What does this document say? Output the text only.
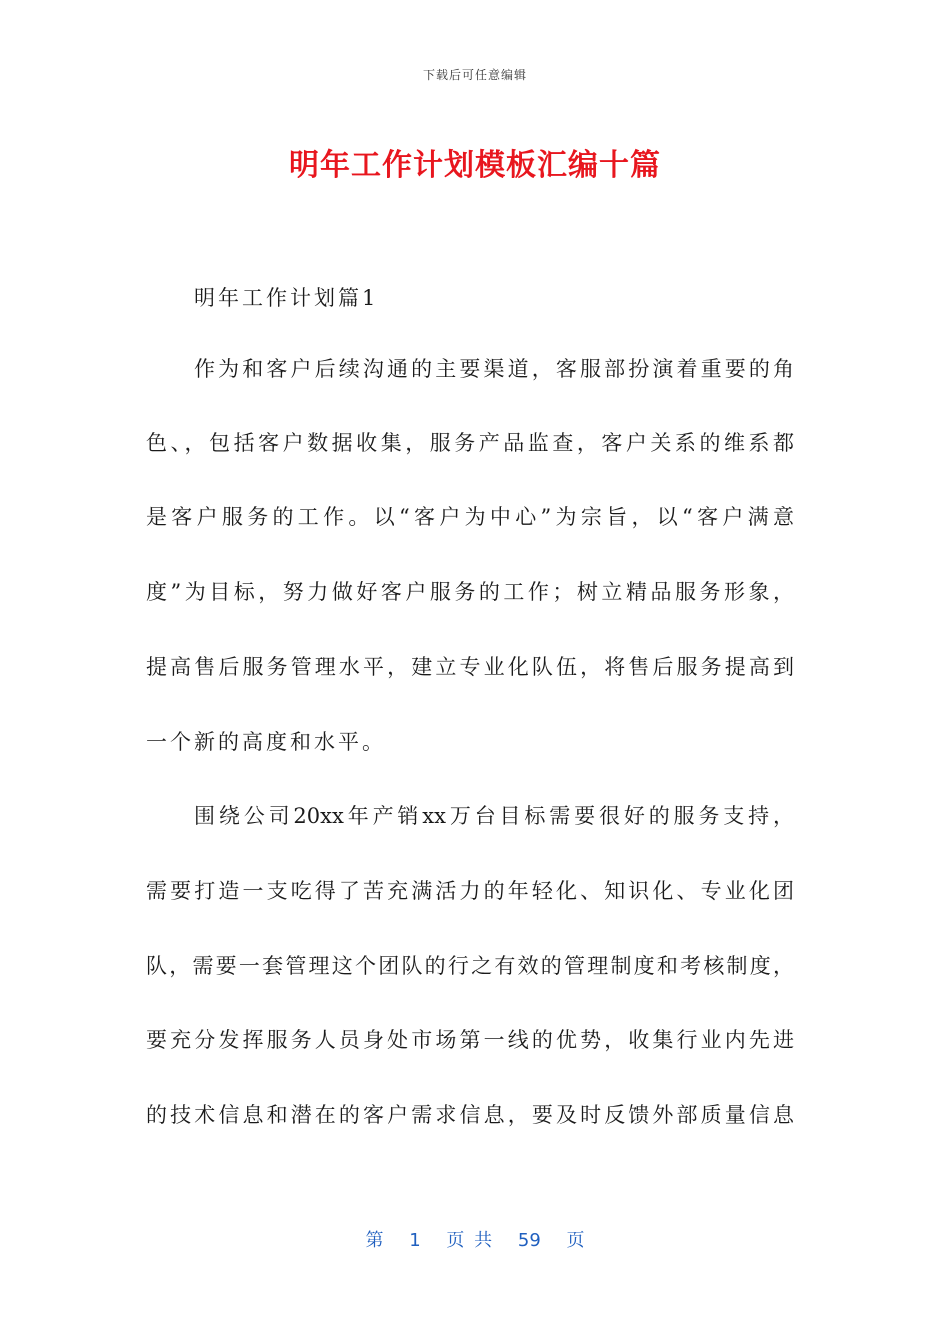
下载后可任意编辑
明年工作计划模板汇编十篇
明年工作计划篇1
作为和客户后续沟通的主要渠道，客服部扮演着重要的角
色、，包括客户数据收集，服务产品监查，客户关系的维系都
是客户服务的工作。以“客户为中心”为宗旨，以“客户满意
度”为目标，努力做好客户服务的工作；树立精品服务形象，
提高售后服务管理水平，建立专业化队伍，将售后服务提高到
一个新的高度和水平。
围绕公司20xx年产销xx万台目标需要很好的服务支持，
需要打造一支吃得了苦充满活力的年轻化、知识化、专业化团
队，需要一套管理这个团队的行之有效的管理制度和考核制度，
要充分发挥服务人员身处市场第一线的优势，收集行业内先进
的技术信息和潜在的客户需求信息，要及时反馈外部质量信息
第 1 页 共 59 页
